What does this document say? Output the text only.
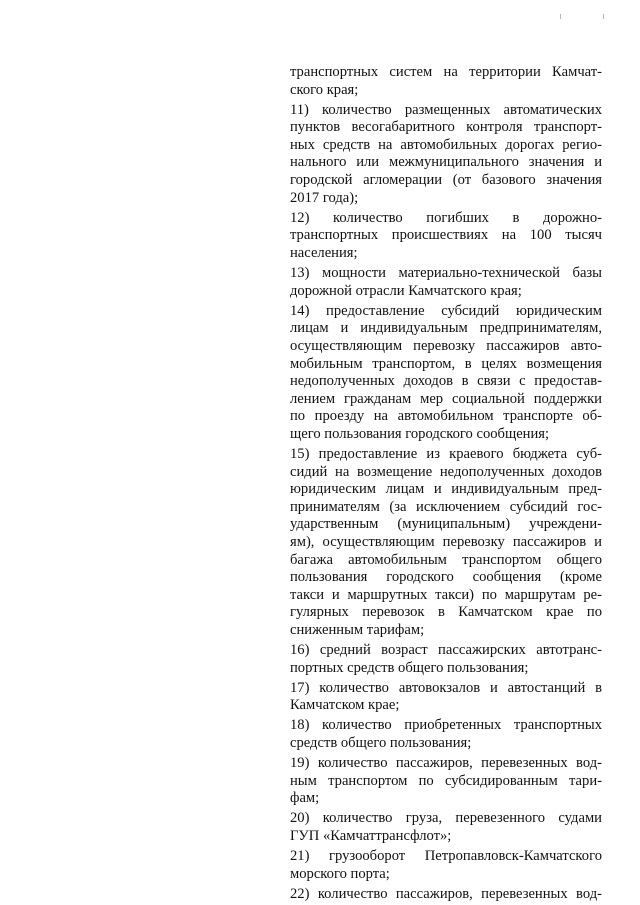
транспортных систем на территории Камчат-
ского края;
11) количество размещенных автоматических
пунктов весогабаритного контроля транспорт-
ных средств на автомобильных дорогах регио-
нального или межмуниципального значения и
городской агломерации (от базового значения
2017 года);
12) количество погибших в дорожно-
транспортных происшествиях на 100 тысяч
населения;
13) мощности материально-технической базы
дорожной отрасли Камчатского края;
14) предоставление субсидий юридическим
лицам и индивидуальным предпринимателям,
осуществляющим перевозку пассажиров авто-
мобильным транспортом, в целях возмещения
недополученных доходов в связи с предостав-
лением гражданам мер социальной поддержки
по проезду на автомобильном транспорте об-
щего пользования городского сообщения;
15) предоставление из краевого бюджета суб-
сидий на возмещение недополученных доходов
юридическим лицам и индивидуальным пред-
принимателям (за исключением субсидий гос-
ударственным (муниципальным) учреждени-
ям), осуществляющим перевозку пассажиров и
багажа автомобильным транспортом общего
пользования городского сообщения (кроме
такси и маршрутных такси) по маршрутам ре-
гулярных перевозок в Камчатском крае по
сниженным тарифам;
16) средний возраст пассажирских автотранс-
портных средств общего пользования;
17) количество автовокзалов и автостанций в
Камчатском крае;
18) количество приобретенных транспортных
средств общего пользования;
19) количество пассажиров, перевезенных вод-
ным транспортом по субсидированным тари-
фам;
20) количество груза, перевезенного судами
ГУП «Камчаттрансфлот»;
21) грузооборот Петропавловск-Камчатского
морского порта;
22) количество пассажиров, перевезенных вод-
